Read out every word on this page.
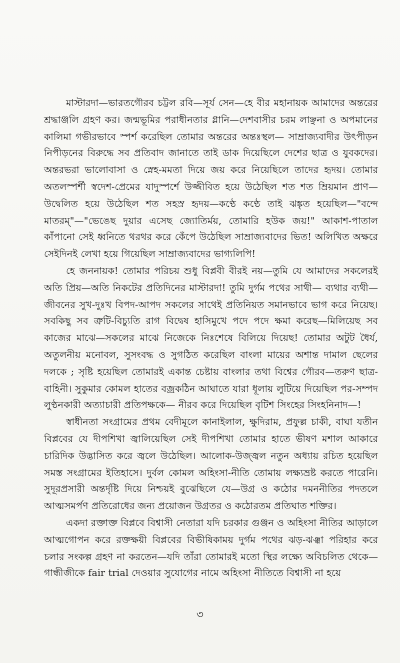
মাস্টারদা—ভারতগৌরব চট্টল রবি—সূর্য সেন—হে বীর মহানায়ক আমাদের অন্তরের শ্রদ্ধাঞ্জলি গ্রহণ কর। জন্মভূমির পরাধীনতার গ্লানি—দেশবাসীর চরম লাঞ্ছনা ও অপমানের কালিমা গভীরভাবে স্পর্শ করেছিল তোমার অন্তরের অন্তঃস্থল— সাম্রাজ্যবাদীর উৎপীড়ন নিপীড়নের বিরুদ্ধে সব প্রতিবাদ জানাতে তাই ডাক দিয়েছিলে দেশের ছাত্র ও যুবকদের। অন্তরভরা ভালোবাসা ও স্নেহ-মমতা দিয়ে জয় করে নিয়েছিলে তাদের হৃদয়। তোমার অতলস্পর্শী স্বদেশ-প্রেমের যাদুস্পর্শে উজ্জীবিত হয়ে উঠেছিল শত শত ম্রিয়মান প্রাণ—উদ্বেলিত হয়ে উঠেছিল শত সহস্র হৃদয়—কণ্ঠে কণ্ঠে তাই ঝঙ্কৃত হয়েছিল—"বন্দে মাতরম্"—"ভেঙেছ দুয়ার এসেছ জ্যোতির্ময়, তোমারি হউক জয়!" আকাশ-পাতাল কাঁপানো সেই ধ্বনিতে থরথর করে কেঁপে উঠেছিল সাম্রাজ্যবাদের ভিত! অলিখিত অক্ষরে সেইদিনই লেখা হয়ে গিয়েছিল সাম্রাজ্যবাদের ভাগ্যলিপি!

হে জননায়ক! তোমার পরিচয় শুধু বিপ্লবী বীরই নয়—তুমি যে আমাদের সকলেরই অতি প্রিয়—অতি নিকটের প্রতিদিনের মাস্টারদা! তুমি দুর্গম পথের সাথী— ব্যথার ব্যথী—জীবনের সুখ-দুঃখ বিপদ-আপদ সকলের সাথেই প্রতিনিয়ত সমানভাবে ভাগ করে নিয়েছ। সবকিছু সব ত্রুটি-বিচ্যুতি রাগ বিদ্বেষ হাসিমুখে পদে পদে ক্ষমা করেছ—মিলিয়েছ সব কাজের মাঝে—সকলের মাঝে নিজেকে নিঃশেষে বিলিয়ে দিয়েছ! তোমার অটুট ধৈর্য, অতুলনীয় মনোবল, সুসংবদ্ধ ও সুগঠিত করেছিল বাংলা মায়ের অশান্ত দামাল ছেলের দলকে ; সৃষ্টি হয়েছিল তোমারই একান্ত চেষ্টায় বাংলার তথা বিশ্বের গৌরব—তরুণ ছাত্র-বাহিনী। সুকুমার কোমল হাতের বজ্রকঠিন আঘাতে যারা ধূলায় লুটিয়ে দিয়েছিল পর-সম্পদ লুণ্ঠনকারী অত্যাচারী প্রতিপক্ষকে— নীরব করে দিয়েছিল বৃটিশ সিংহের সিংহনিনাদ—!

স্বাধীনতা সংগ্রামের প্রথম বেদীমূলে কানাইলাল, ক্ষুদিরাম, প্রফুল্ল চাকী, বাঘা যতীন বিপ্লবের যে দীপশিখা জ্বালিয়েছিল সেই দীপশিখা তোমার হাতে ভীষণ মশাল আকারে চারিদিক উদ্ভাসিত করে জ্বলে উঠেছিল। আলোক-উজ্জ্বল নতুন অধ্যায় রচিত হয়েছিল সমস্ত সংগ্রামের ইতিহাসে। দুর্বল কোমল অহিংসা-নীতি তোমায় লক্ষ্যভ্রষ্ট করতে পারেনি। সুদূরপ্রসারী অন্তর্দৃষ্টি দিয়ে নিশ্চয়ই বুঝেছিলে যে—উগ্র ও কঠোর দমননীতির পদতলে আত্মসমর্পণ প্রতিরোধের জন্য প্রয়োজন উগ্রতর ও কঠোরতম প্রতিঘাত শক্তির।

একদা রক্তাক্ত বিপ্লবে বিশ্বাসী নেতারা যদি চরকার গুঞ্জন ও অহিংসা নীতির আড়ালে আত্মগোপন করে রক্তক্ষয়ী বিপ্লবের বিভীষিকাময় দুর্গম পথের ঝড়-ঝঞ্ঝা পরিহার করে চলার সংকল্প গ্রহণ না করতেন—যদি তাঁরা তোমারই মতো স্থির লক্ষ্যে অবিচলিত থেকে—গান্ধীজীকে fair trial দেওয়ার সুযোগের নামে অহিংসা নীতিতে বিশ্বাসী না হয়ে

৩
